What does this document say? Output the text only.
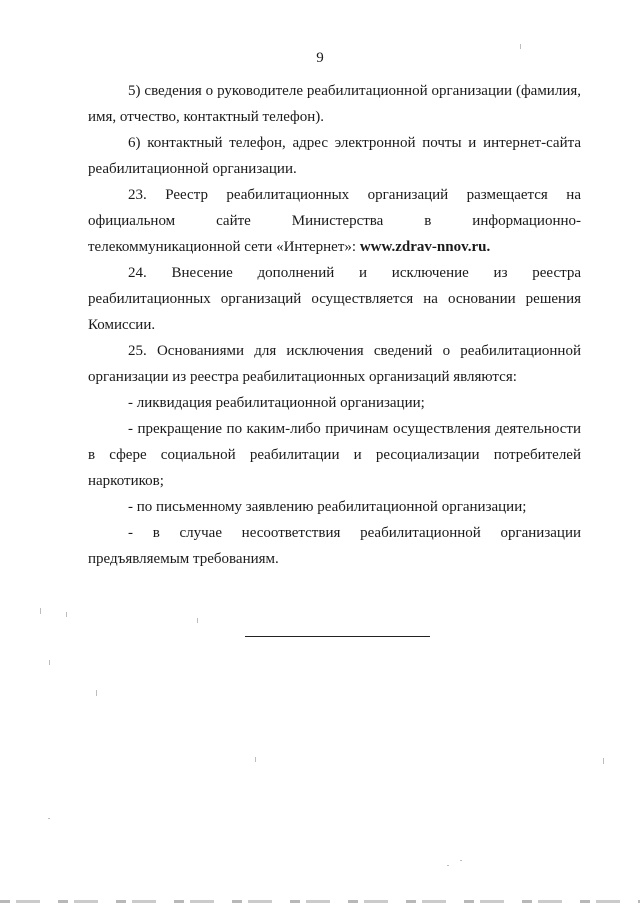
9
5) сведения о руководителе реабилитационной организации (фамилия, имя, отчество, контактный телефон).
6) контактный телефон, адрес электронной почты и интернет-сайта реабилитационной организации.
23. Реестр реабилитационных организаций размещается на официальном сайте Министерства в информационно-телекоммуникационной сети «Интернет»: www.zdrav-nnov.ru.
24. Внесение дополнений и исключение из реестра реабилитационных организаций осуществляется на основании решения Комиссии.
25. Основаниями для исключения сведений о реабилитационной организации из реестра реабилитационных организаций являются:
- ликвидация реабилитационной организации;
- прекращение по каким-либо причинам осуществления деятельности в сфере социальной реабилитации и ресоциализации потребителей наркотиков;
- по письменному заявлению реабилитационной организации;
- в случае несоответствия реабилитационной организации предъявляемым требованиям.
